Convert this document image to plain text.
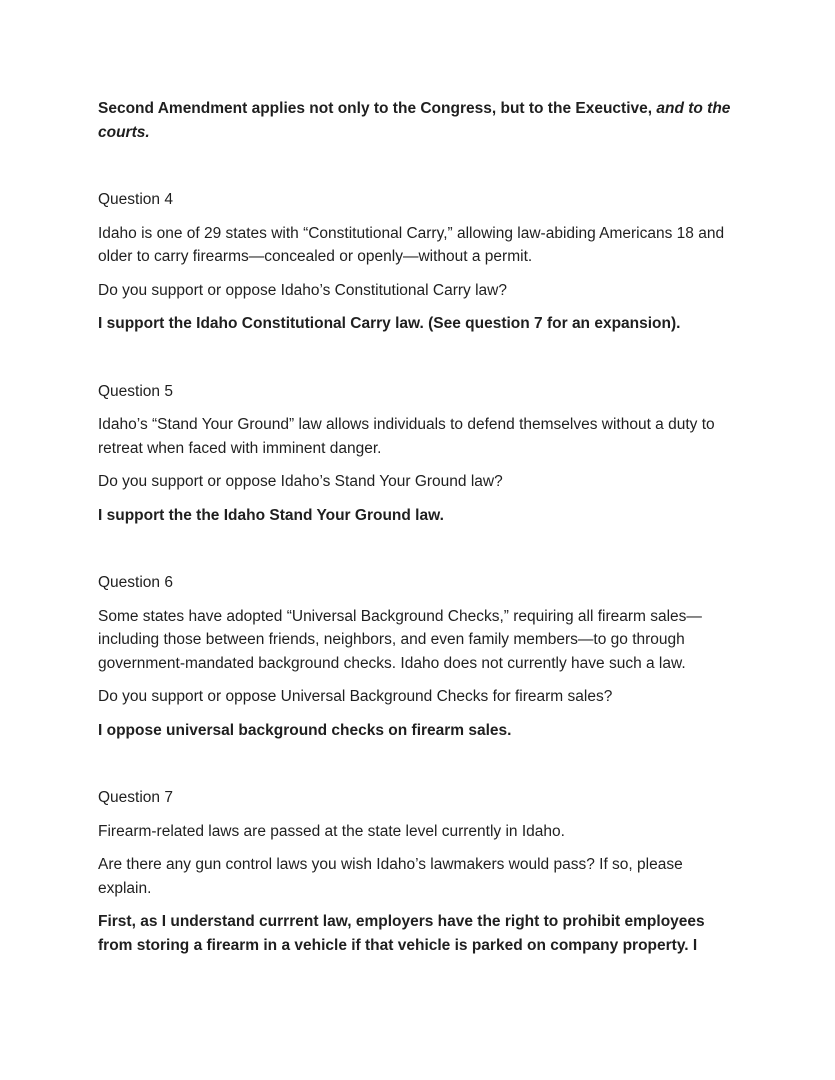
Second Amendment applies not only to the Congress, but to the Exeuctive, and to the courts.

Question 4

Idaho is one of 29 states with “Constitutional Carry,” allowing law-abiding Americans 18 and older to carry firearms—concealed or openly—without a permit.

Do you support or oppose Idaho’s Constitutional Carry law?

I support the Idaho Constitutional Carry law. (See question 7 for an expansion).

Question 5

Idaho’s “Stand Your Ground” law allows individuals to defend themselves without a duty to retreat when faced with imminent danger.

Do you support or oppose Idaho’s Stand Your Ground law?

I support the the Idaho Stand Your Ground law.

Question 6

Some states have adopted “Universal Background Checks,” requiring all firearm sales—including those between friends, neighbors, and even family members—to go through government-mandated background checks. Idaho does not currently have such a law.

Do you support or oppose Universal Background Checks for firearm sales?

I oppose universal background checks on firearm sales.

Question 7

Firearm-related laws are passed at the state level currently in Idaho.

Are there any gun control laws you wish Idaho’s lawmakers would pass? If so, please explain.

First, as I understand currrent law, employers have the right to prohibit employees from storing a firearm in a vehicle if that vehicle is parked on company property. I
